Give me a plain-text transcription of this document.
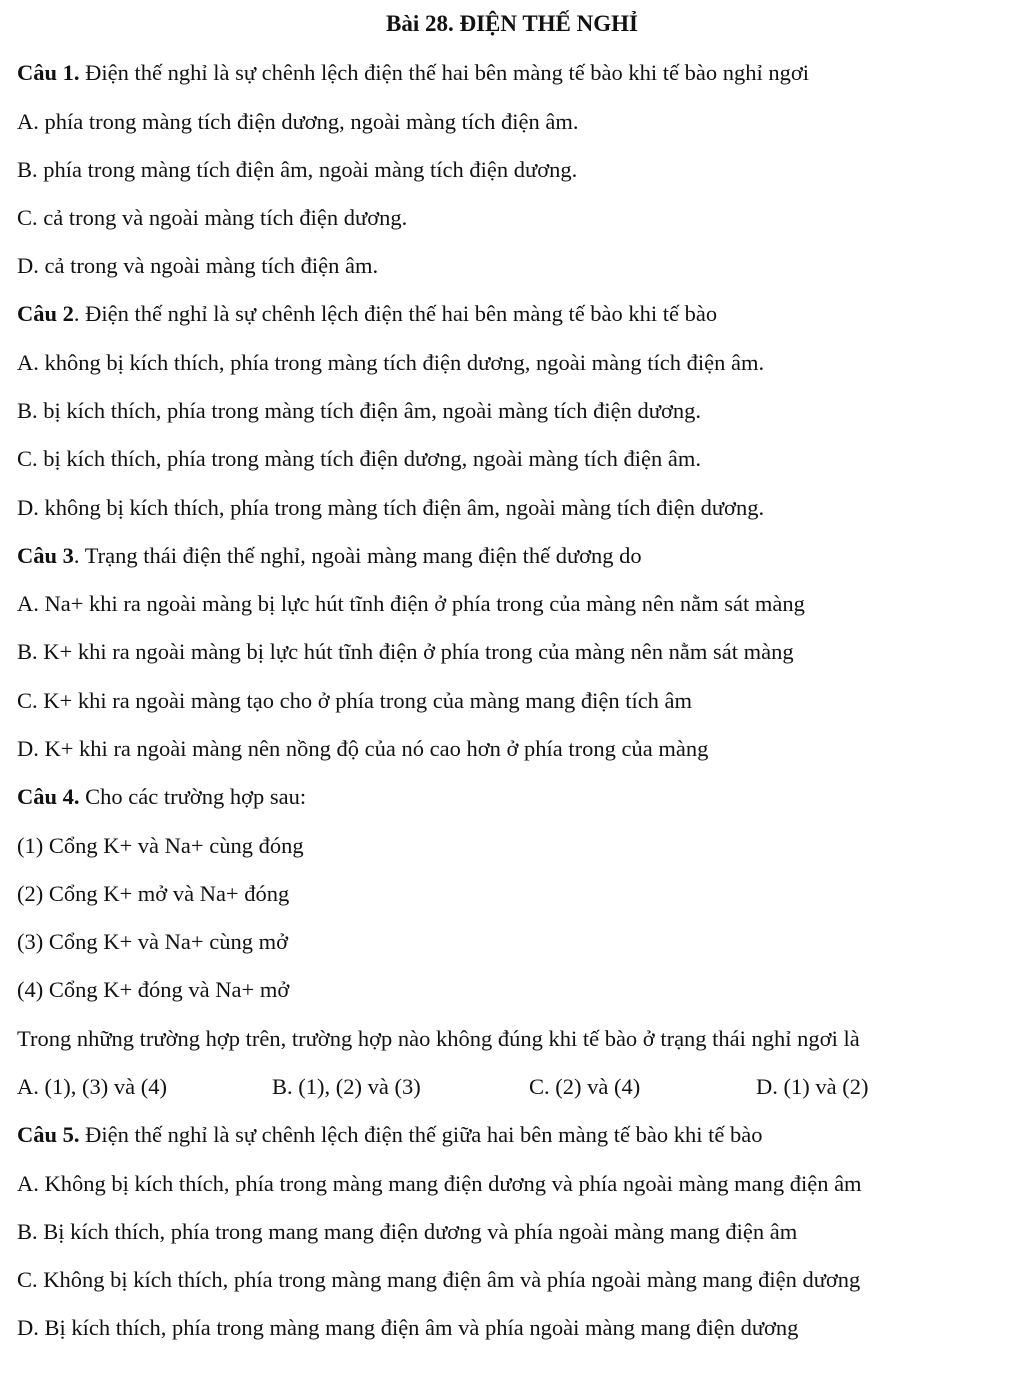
Bài 28. ĐIỆN THẾ NGHỈ
Câu 1. Điện thế nghỉ là sự chênh lệch điện thế hai bên màng tế bào khi tế bào nghỉ ngơi
A. phía trong màng tích điện dương, ngoài màng tích điện âm.
B. phía trong màng tích điện âm, ngoài màng tích điện dương.
C. cả trong và ngoài màng tích điện dương.
D. cả trong và ngoài màng tích điện âm.
Câu 2. Điện thế nghỉ là sự chênh lệch điện thế hai bên màng tế bào khi tế bào
A. không bị kích thích, phía trong màng tích điện dương, ngoài màng tích điện âm.
B. bị kích thích, phía trong màng tích điện âm, ngoài màng tích điện dương.
C. bị kích thích, phía trong màng tích điện dương, ngoài màng tích điện âm.
D. không bị kích thích, phía trong màng tích điện âm, ngoài màng tích điện dương.
Câu 3. Trạng thái điện thế nghỉ, ngoài màng mang điện thế dương do
A. Na+ khi ra ngoài màng bị lực hút tĩnh điện ở phía trong của màng nên nằm sát màng
B. K+ khi ra ngoài màng bị lực hút tĩnh điện ở phía trong của màng nên nằm sát màng
C. K+ khi ra ngoài màng tạo cho ở phía trong của màng mang điện tích âm
D. K+ khi ra ngoài màng nên nồng độ của nó cao hơn ở phía trong của màng
Câu 4. Cho các trường hợp sau:
(1) Cổng K+ và Na+ cùng đóng
(2) Cổng K+ mở và Na+ đóng
(3) Cổng K+ và Na+ cùng mở
(4) Cổng K+ đóng và Na+ mở
Trong những trường hợp trên, trường hợp nào không đúng khi tế bào ở trạng thái nghỉ ngơi là
A. (1), (3) và (4)	B. (1), (2) và (3)	C. (2) và (4)	D. (1) và (2)
Câu 5. Điện thế nghỉ là sự chênh lệch điện thế giữa hai bên màng tế bào khi tế bào
A. Không bị kích thích, phía trong màng mang điện dương và phía ngoài màng mang điện âm
B. Bị kích thích, phía trong mang mang điện dương và phía ngoài màng mang điện âm
C. Không bị kích thích, phía trong màng mang điện âm và phía ngoài màng mang điện dương
D. Bị kích thích, phía trong màng mang điện âm và phía ngoài màng mang điện dương
